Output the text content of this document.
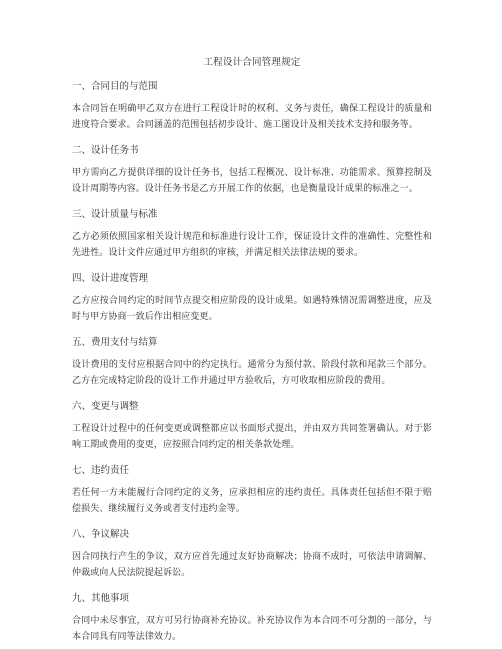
工程设计合同管理规定
一、合同目的与范围

本合同旨在明确甲乙双方在进行工程设计时的权利、义务与责任，确保工程设计的质量和进度符合要求。合同涵盖的范围包括初步设计、施工图设计及相关技术支持和服务等。

二、设计任务书

甲方需向乙方提供详细的设计任务书，包括工程概况、设计标准、功能需求、预算控制及设计周期等内容。设计任务书是乙方开展工作的依据，也是衡量设计成果的标准之一。

三、设计质量与标准

乙方必须依照国家相关设计规范和标准进行设计工作，保证设计文件的准确性、完整性和先进性。设计文件应通过甲方组织的审核，并满足相关法律法规的要求。

四、设计进度管理

乙方应按合同约定的时间节点提交相应阶段的设计成果。如遇特殊情况需调整进度，应及时与甲方协商一致后作出相应变更。

五、费用支付与结算

设计费用的支付应根据合同中的约定执行。通常分为预付款、阶段付款和尾款三个部分。乙方在完成特定阶段的设计工作并通过甲方验收后，方可收取相应阶段的费用。

六、变更与调整

工程设计过程中的任何变更或调整都应以书面形式提出，并由双方共同签署确认。对于影响工期或费用的变更，应按照合同约定的相关条款处理。

七、违约责任

若任何一方未能履行合同约定的义务，应承担相应的违约责任。具体责任包括但不限于赔偿损失、继续履行义务或者支付违约金等。

八、争议解决

因合同执行产生的争议，双方应首先通过友好协商解决；协商不成时，可依法申请调解、仲裁或向人民法院提起诉讼。

九、其他事项

合同中未尽事宜，双方可另行协商补充协议。补充协议作为本合同不可分割的一部分，与本合同具有同等法律效力。
